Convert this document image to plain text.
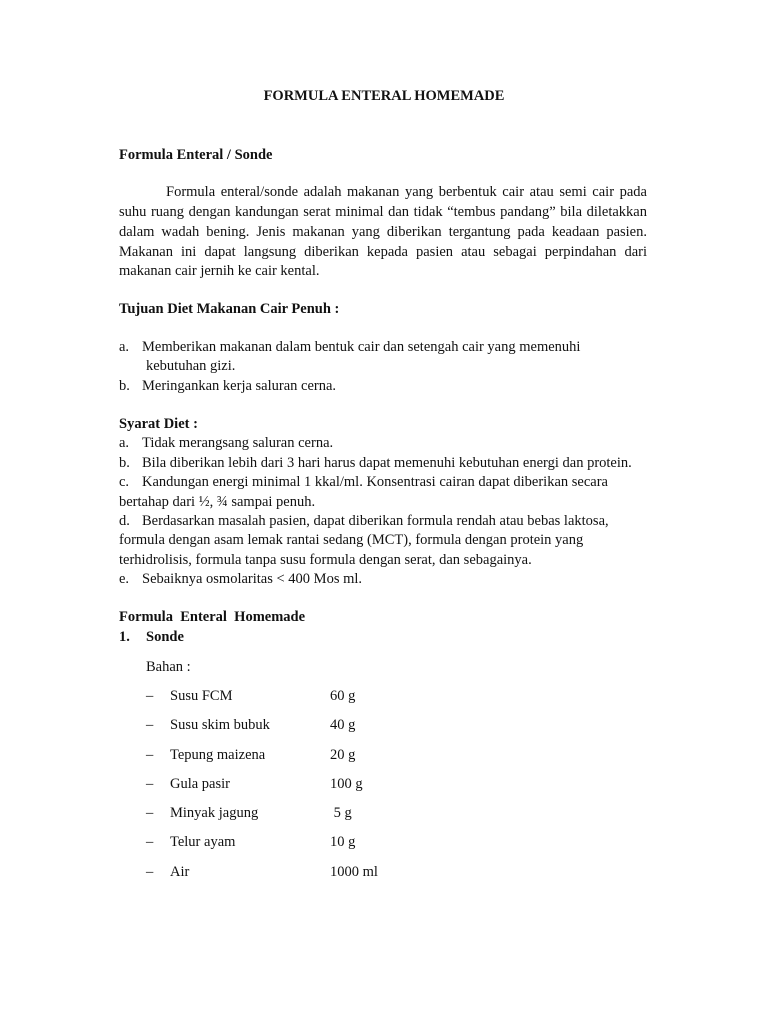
FORMULA ENTERAL HOMEMADE
Formula Enteral / Sonde
Formula enteral/sonde adalah makanan yang berbentuk cair atau semi cair pada
suhu ruang dengan kandungan serat minimal dan tidak “tembus pandang” bila diletakkan
dalam wadah bening. Jenis makanan yang diberikan tergantung pada keadaan pasien.
Makanan ini dapat langsung diberikan kepada pasien atau sebagai perpindahan dari
makanan cair jernih ke cair kental.
Tujuan Diet Makanan Cair Penuh :
a. Memberikan makanan dalam bentuk cair dan setengah cair yang memenuhi
kebutuhan gizi.
b. Meringankan kerja saluran cerna.
Syarat Diet :
a. Tidak merangsang saluran cerna.
b. Bila diberikan lebih dari 3 hari harus dapat memenuhi kebutuhan energi dan protein.
c. Kandungan energi minimal 1 kkal/ml. Konsentrasi cairan dapat diberikan secara
bertahap dari ½, ¾ sampai penuh.
d. Berdasarkan masalah pasien, dapat diberikan formula rendah atau bebas laktosa,
formula dengan asam lemak rantai sedang (MCT), formula dengan protein yang
terhidrolisis, formula tanpa susu formula dengan serat, dan sebagainya.
e. Sebaiknya osmolaritas < 400 Mos ml.
Formula  Enteral  Homemade
1. Sonde
Bahan :
– Susu FCM	60 g
– Susu skim bubuk	40 g
– Tepung maizena	20 g
– Gula pasir	100 g
– Minyak jagung	5 g
– Telur ayam	10 g
– Air	1000 ml
